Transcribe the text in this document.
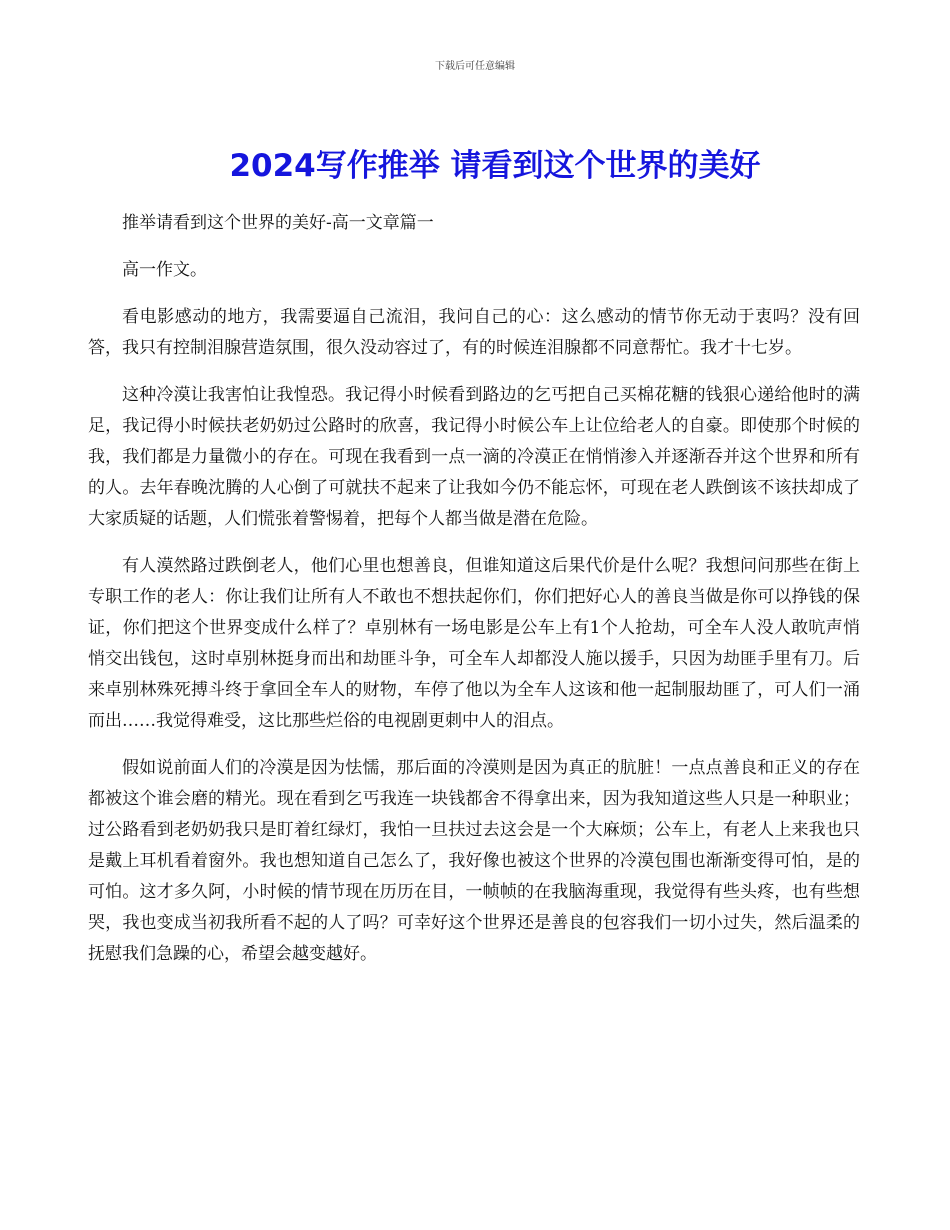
下载后可任意编辑
2024写作推举 请看到这个世界的美好

推举请看到这个世界的美好-高一文章篇一

高一作文。

看电影感动的地方，我需要逼自己流泪，我问自己的心：这么感动的情节你无动于衷吗？没有回答，我只有控制泪腺营造氛围，很久没动容过了，有的时候连泪腺都不同意帮忙。我才十七岁。

这种冷漠让我害怕让我惶恐。我记得小时候看到路边的乞丐把自己买棉花糖的钱狠心递给他时的满足，我记得小时候扶老奶奶过公路时的欣喜，我记得小时候公车上让位给老人的自豪。即使那个时候的我，我们都是力量微小的存在。可现在我看到一点一滴的冷漠正在悄悄渗入并逐渐吞并这个世界和所有的人。去年春晚沈腾的人心倒了可就扶不起来了让我如今仍不能忘怀，可现在老人跌倒该不该扶却成了大家质疑的话题，人们慌张着警惕着，把每个人都当做是潜在危险。

有人漠然路过跌倒老人，他们心里也想善良，但谁知道这后果代价是什么呢？我想问问那些在街上专职工作的老人：你让我们让所有人不敢也不想扶起你们，你们把好心人的善良当做是你可以挣钱的保证，你们把这个世界变成什么样了？卓别林有一场电影是公车上有1个人抢劫，可全车人没人敢吭声悄悄交出钱包，这时卓别林挺身而出和劫匪斗争，可全车人却都没人施以援手，只因为劫匪手里有刀。后来卓别林殊死搏斗终于拿回全车人的财物，车停了他以为全车人这该和他一起制服劫匪了，可人们一涌而出……我觉得难受，这比那些烂俗的电视剧更刺中人的泪点。

假如说前面人们的冷漠是因为怯懦，那后面的冷漠则是因为真正的肮脏！一点点善良和正义的存在都被这个谁会磨的精光。现在看到乞丐我连一块钱都舍不得拿出来，因为我知道这些人只是一种职业；过公路看到老奶奶我只是盯着红绿灯，我怕一旦扶过去这会是一个大麻烦；公车上，有老人上来我也只是戴上耳机看着窗外。我也想知道自己怎么了，我好像也被这个世界的冷漠包围也渐渐变得可怕，是的可怕。这才多久阿，小时候的情节现在历历在目，一帧帧的在我脑海重现，我觉得有些头疼，也有些想哭，我也变成当初我所看不起的人了吗？可幸好这个世界还是善良的包容我们一切小过失，然后温柔的抚慰我们急躁的心，希望会越变越好。
